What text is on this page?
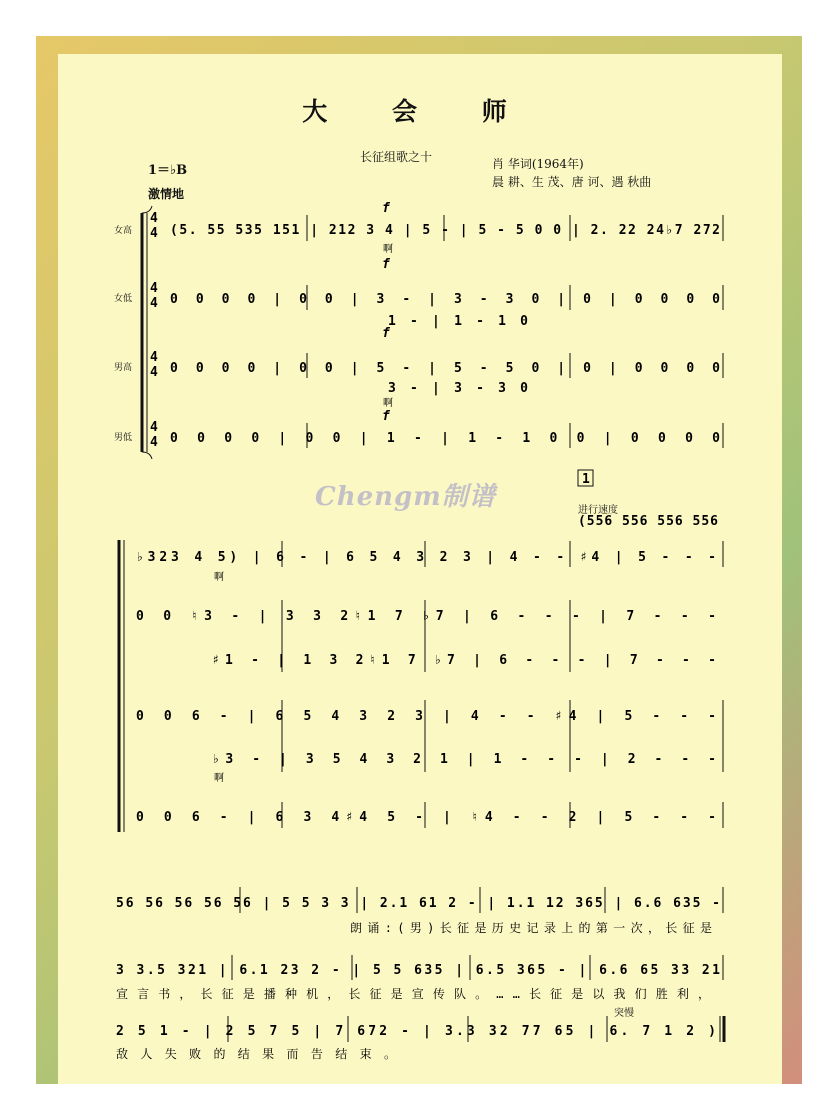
大 会 师
长征组歌之十	肖 华词(1964年)
晨 耕、生 茂、唐 诃、遇 秋曲
1＝♭B
激情地
女高
女低
男高
男低
Chengm制谱	进行速度
突慢
4
4
4
4
4
4
4
4
f
f
f
f
啊
啊
啊
啊
1
(5. 55 535 151 | 212 3 4 | 5 - | 5 - 5 0 0 | 2. 22 24♭7 272
0 0 0 0 | 0 0 | 3 - | 3 - 3 0 | 0 | 0 0 0 0
1 - | 1 - 1 0
0 0 0 0 | 0 0 | 5 - | 5 - 5 0 | 0 | 0 0 0 0
3 - | 3 - 3 0
0 0 0 0 | 0 0 | 1 - | 1 - 1 0 0 | 0 0 0 0
(556 556 556 556
♭323 4 5) | 6 - | 6 5 4 3 2 3 | 4 - - ♯4 | 5 - - -
0 0 ♮3 - | 3 3 2♮1 7 ♭7 | 6 - - - | 7 - - -
♯1 - | 1 3 2♮1 7 ♭7 | 6 - - - | 7 - - -
0 0 6 - | 6 5 4 3 2 3 | 4 - - ♯4 | 5 - - -
♭3 - | 3 5 4 3 2 1 | 1 - - - | 2 - - -
0 0 6 - | 6 3 4♯4 5 - | ♮4 - - 2 | 5 - - -
56 56 56 56 56 | 5 5 3 3 | 2.1 61 2 - | 1.1 12 365 | 6.6 635 -
朗诵:(男)长征是历史记录上的第一次，长征是
3 3.5 321 | 6.1 23 2 - | 5 5 635 | 6.5 365 - | 6.6 65 33 21
宣言书，长征是播种机，长征是宣传队。……长征是以我们胜利，
2 5 1 - | 2 5 7 5 | 7 672 - | 3.3 32 77 65 | 6. 7 1 2 )
敌人失败的结果而告结束。
